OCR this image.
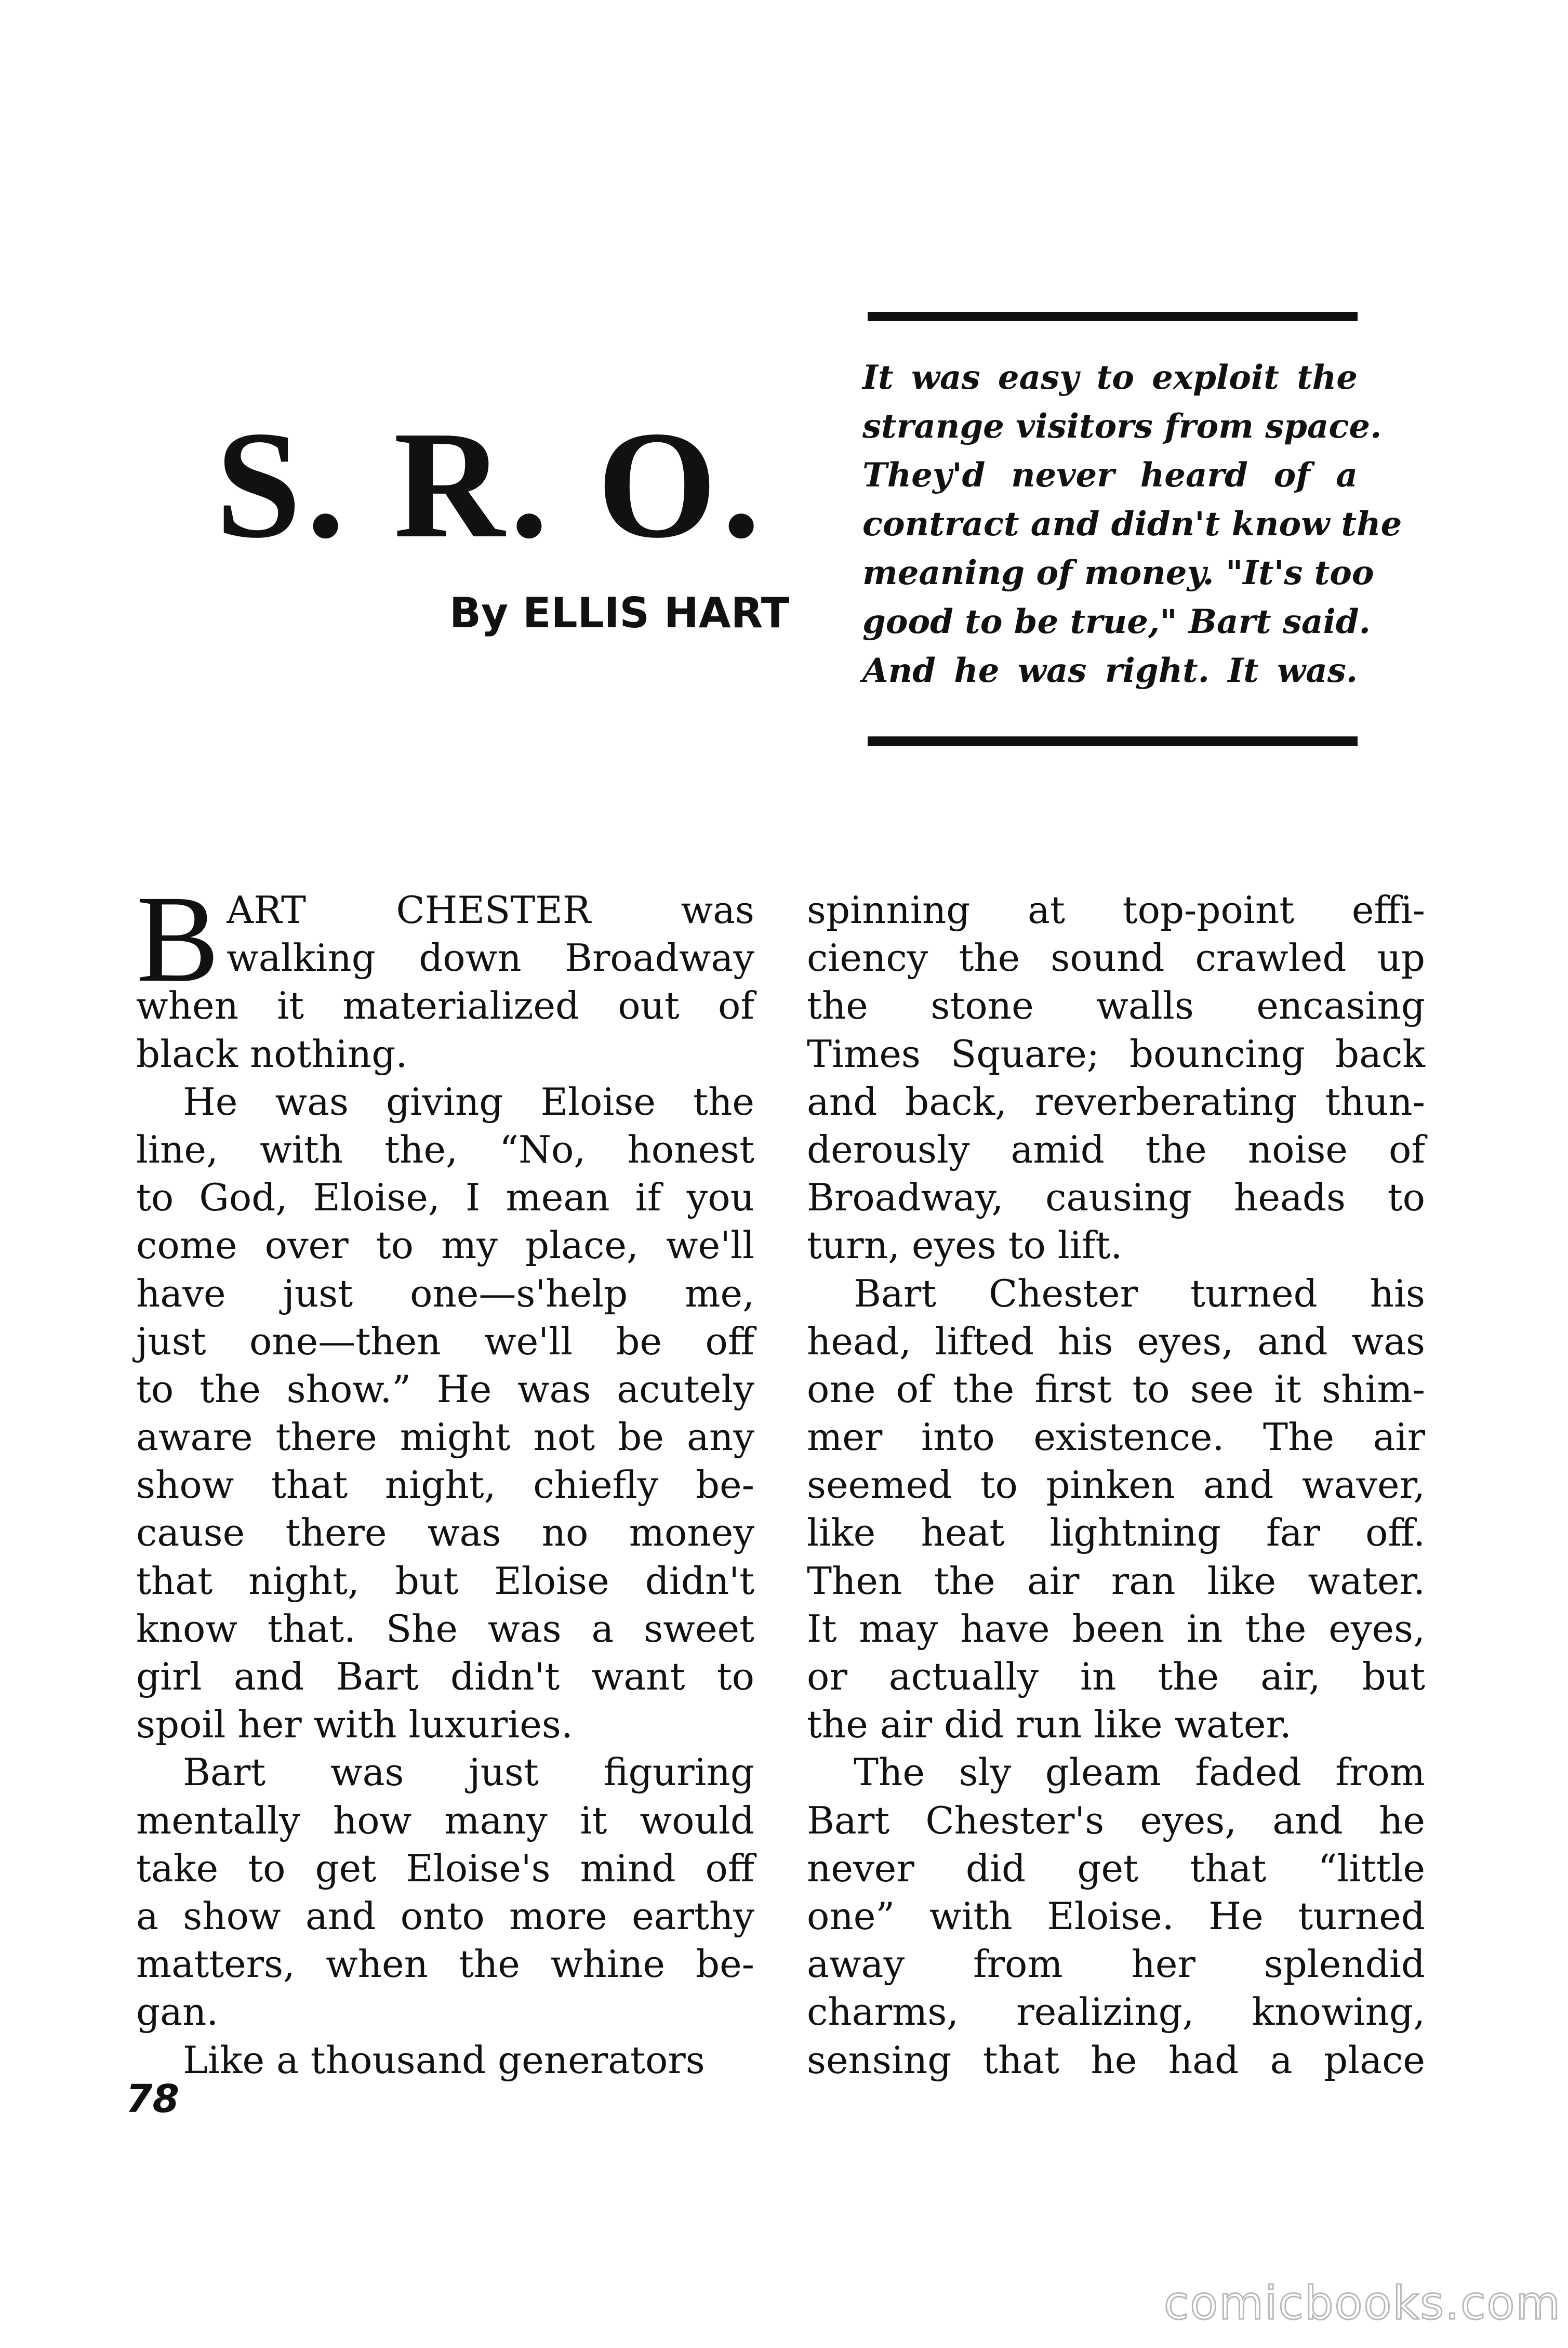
S. R. O.
By ELLIS HART
It was easy to exploit the
strange visitors from space.
They'd never heard of a
contract and didn't know the
meaning of money. "It's too
good to be true," Bart said.
And he was right. It was.
B ART CHESTER was
walking down Broadway
when it materialized out of
black nothing.
He was giving Eloise the
line, with the, “No, honest
to God, Eloise, I mean if you
come over to my place, we'll
have just one—s'help me,
just one—then we'll be off
to the show.” He was acutely
aware there might not be any
show that night, chiefly be-
cause there was no money
that night, but Eloise didn't
know that. She was a sweet
girl and Bart didn't want to
spoil her with luxuries.
Bart was just figuring
mentally how many it would
take to get Eloise's mind off
a show and onto more earthy
matters, when the whine be-
gan.
Like a thousand generators
spinning at top-point effi-
ciency the sound crawled up
the stone walls encasing
Times Square; bouncing back
and back, reverberating thun-
derously amid the noise of
Broadway, causing heads to
turn, eyes to lift.
Bart Chester turned his
head, lifted his eyes, and was
one of the first to see it shim-
mer into existence. The air
seemed to pinken and waver,
like heat lightning far off.
Then the air ran like water.
It may have been in the eyes,
or actually in the air, but
the air did run like water.
The sly gleam faded from
Bart Chester's eyes, and he
never did get that “little
one” with Eloise. He turned
away from her splendid
charms, realizing, knowing,
sensing that he had a place
78
comicbooks.com
